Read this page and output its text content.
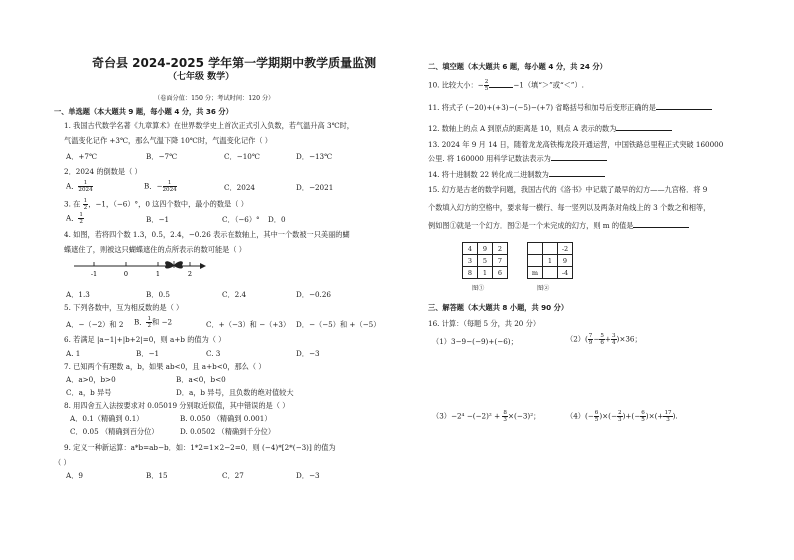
奇台县 2024-2025 学年第一学期期中教学质量监测
（七年级 数学）
（卷面分值：150 分；考试时间：120 分）
一、单选题（本大题共 9 题，每小题 4 分，共 36 分）
1. 我国古代数学名著《九章算术》在世界数学史上首次正式引入负数，若气温升高 3℃时，
气温变化记作 +3℃，那么气温下降 10℃时，气温变化记作（ ）
A．+7℃	B．−7℃	C．−10℃	D．−13℃
2．2024 的倒数是（ ）
A． $\frac{1}{2024}$	B．− $\frac{1}{2024}$	C．2024	D．−2021
3. 在 $\frac{1}{2}$ ，−1，（−6）°，0 这四个数中，最小的数是（ ）
A． $\frac{1}{2}$	B．−1	C．（−6）° D．0
4. 如图，若将四个数 1.3，0.5，2.4，−0.26 表示在数轴上，其中一个数被一只美丽的蝴
蝶遮住了，则被这只蝴蝶遮住的点所表示的数可能是（ ）
-1	0	1	2
A．1.3	B．0.5	C．2.4	D．−0.26
5. 下列各数中，互为相反数的是（ ）
A．−（−2）和 2 B． $\frac{1}{2}$ 和 −2	C．+（−3）和 −（+3） D．−（−5）和 +（−5）
6. 若满足 |a−1|+|b+2|=0，则 a+b 的值为（ ）
A. 1	B．−1	C. 3	D．−3
7. 已知两个有理数 a，b，如果 ab<0，且 a+b<0，那么（ ）
A．a>0，b>0	B．a<0，b<0
C．a，b 异号	D．a，b 异号，且负数的绝对值较大
8. 用四舍五入法按要求对 0.05019 分别取近似值，其中错误的是（ ）
A．0.1（精确到 0.1）	B. 0.050 （精确到 0.001）
C．0.05 （精确到百分位）	D. 0.0502 （精确到千分位）
9. 定义一种新运算：a*b=ab−b．如：1*2=1×2−2=0．则 (−4)*[2*(−3)] 的值为
（ ）
A．9	B．15	C．27	D．−3
二、填空题（本大题共 6 题，每小题 4 分，共 24 分）
10. 比较大小：− $\frac{2}{5}$	−1（填“＞”或“＜”）.
11. 将式子 (−20)+(+3)−(−5)−(+7) 省略括号和加号后变形正确的是
12. 数轴上的点 A 到原点的距离是 10，则点 A 表示的数为
13. 2024 年 9 月 14 日，随着龙龙高铁梅龙段开通运营，中国铁路总里程正式突破 160000
公里. 将 160000 用科学记数法表示为
14. 将十进制数 22 转化成二进制数为
15. 幻方是古老的数学问题，我国古代的《洛书》中记载了最早的幻方——九宫格．将 9
个数填入幻方的空格中，要求每一横行、每一竖列以及两条对角线上的 3 个数之和相等，
例如图①就是一个幻方．图②是一个未完成的幻方，则 m 的值是
4	9	2
3	5	7
8	1	6
图①
		-2
	1	9
m		-4
图②
三、解答题（本大题共 8 小题，共 90 分）
16. 计算：（每题 5 分，共 20 分）
（1）3−9−(−9)+(−6)；	$(2)( \frac{7}{9} - \frac{5}{6} + \frac{3}{4} )\times 36$；
$(3)-2^4 -(-2)^2 + \frac{8}{3} \times(-3)^2$；	$(4)(- \frac{6}{5}$ )×(− $\frac{2}{3}$ )+(− $\frac{6}{5}$ )×(+ $\frac{17}{3}$ ).
